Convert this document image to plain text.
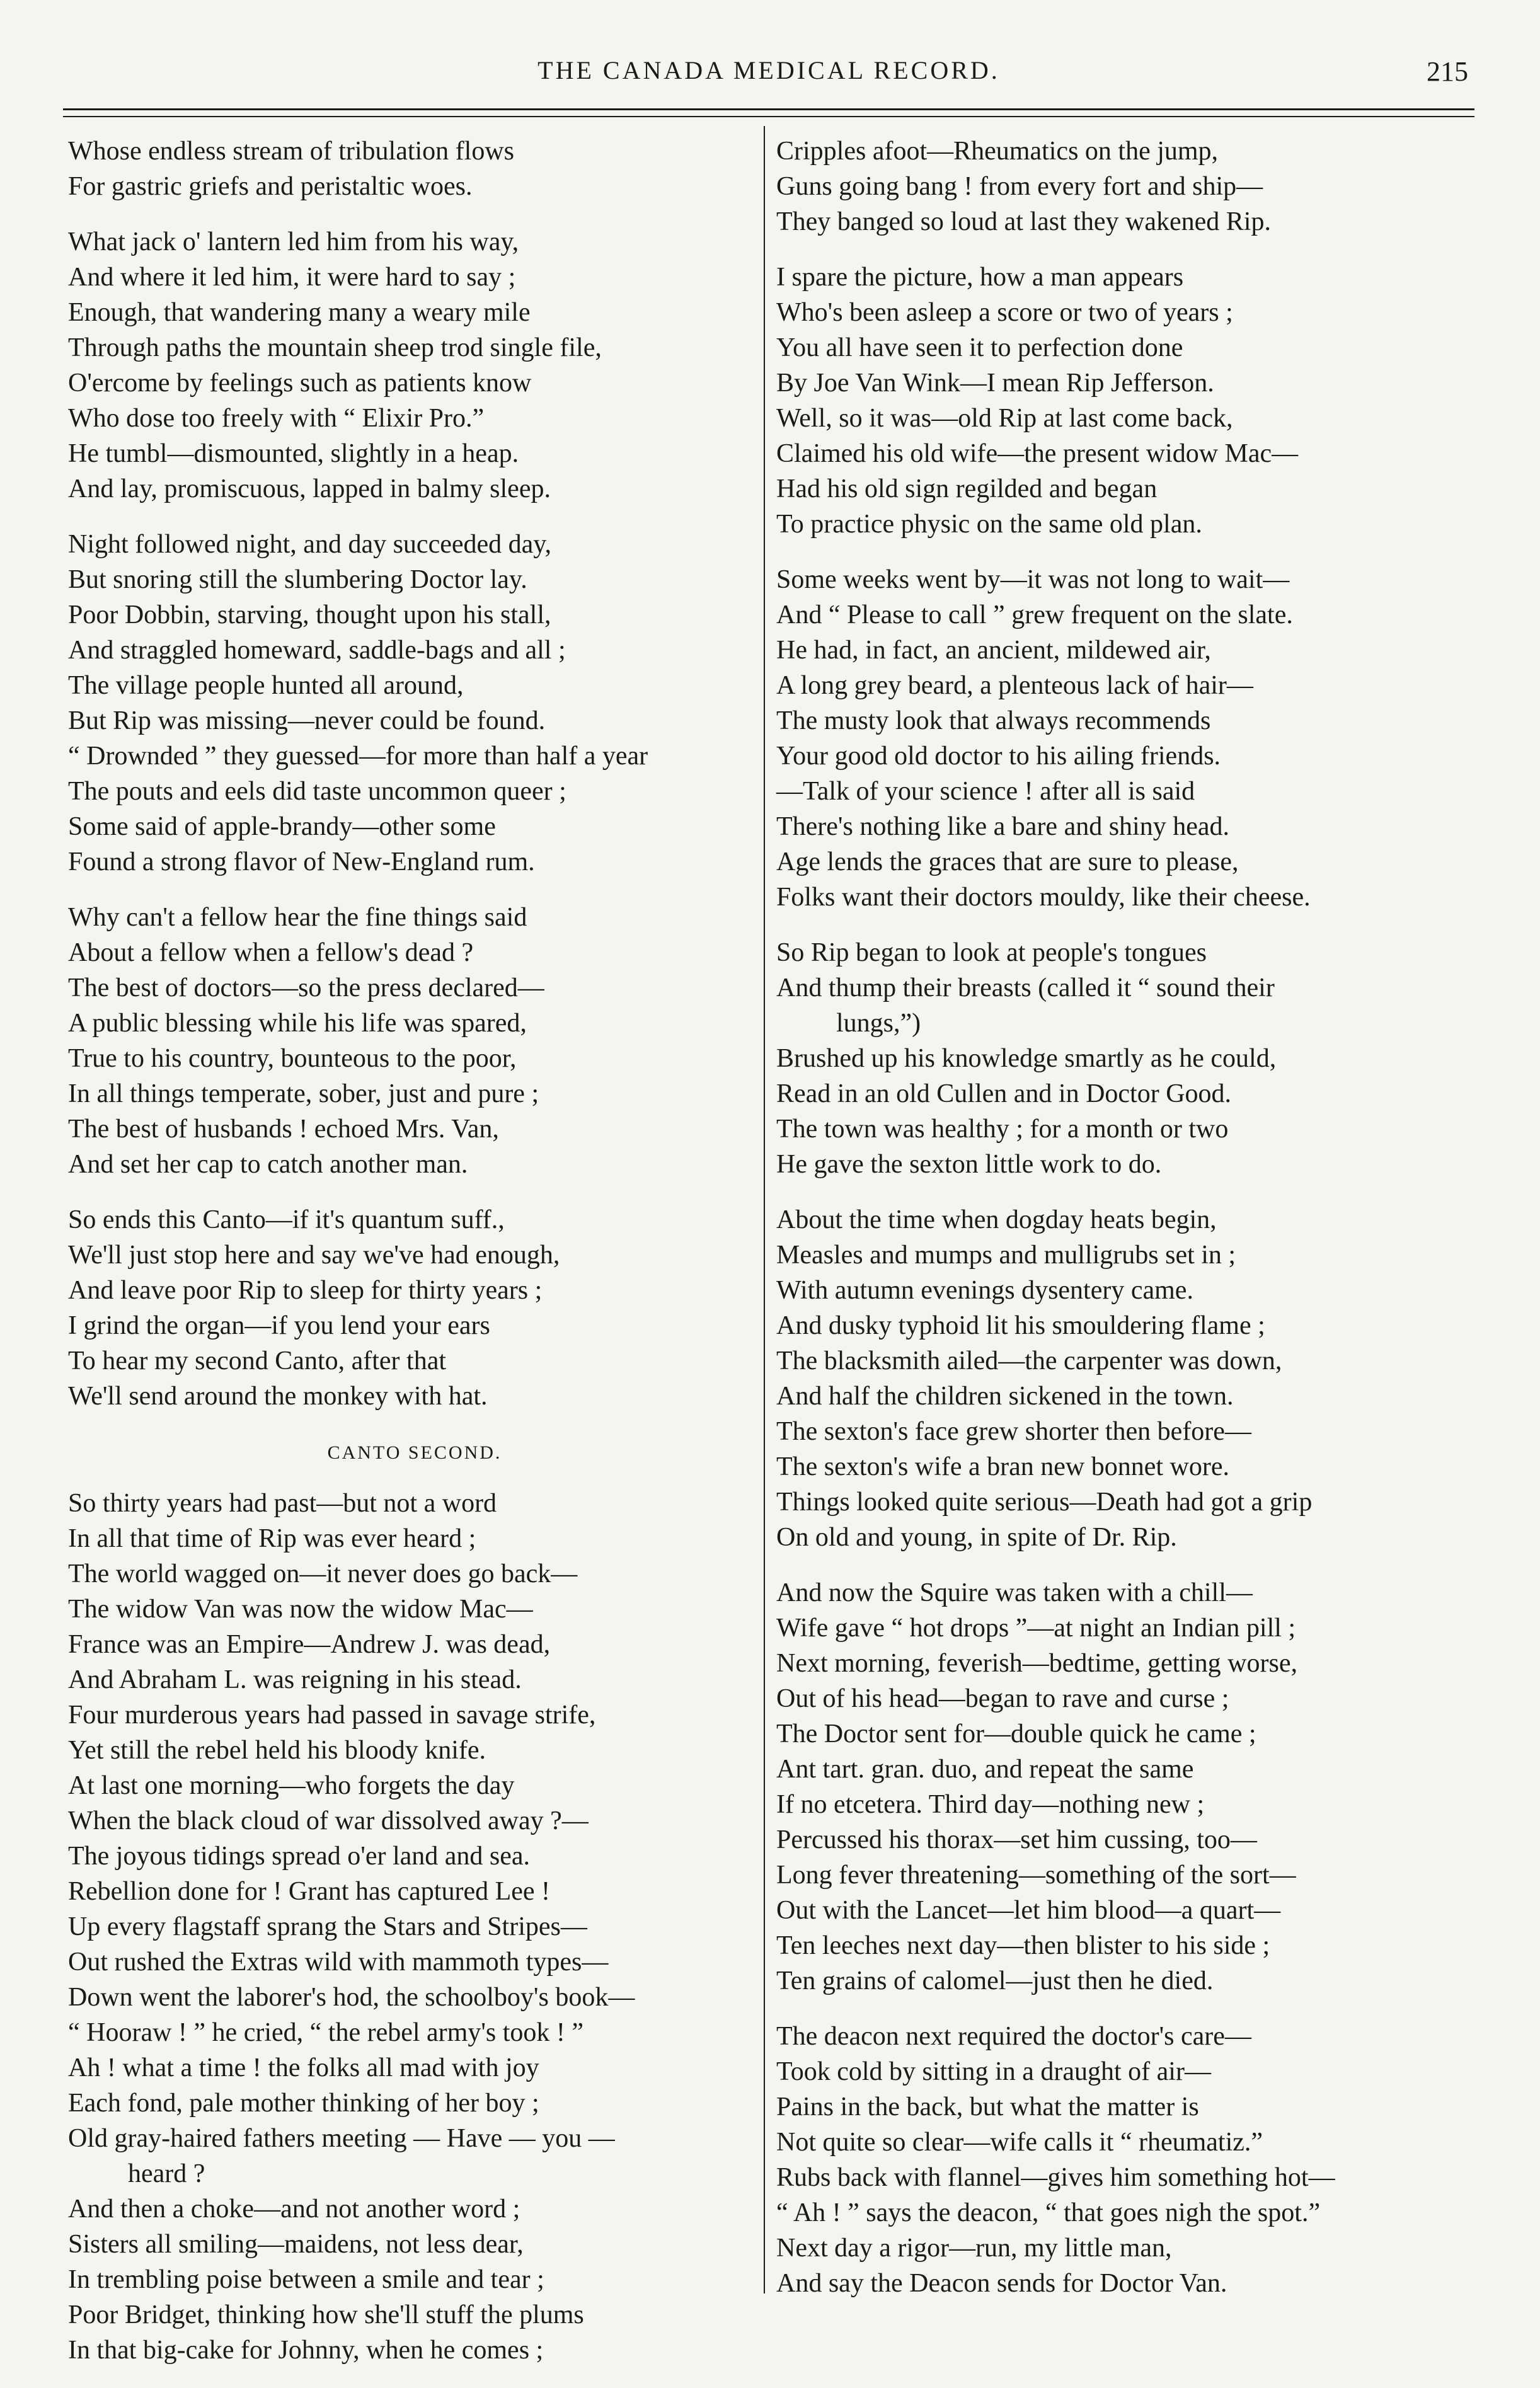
THE CANADA MEDICAL RECORD.	215
Whose endless stream of tribulation flows
For gastric griefs and peristaltic woes.
What jack o' lantern led him from his way,
And where it led him, it were hard to say ;
Enough, that wandering many a weary mile
Through paths the mountain sheep trod single file,
O'ercome by feelings such as patients know
Who dose too freely with “ Elixir Pro.”
He tumbl—dismounted, slightly in a heap.
And lay, promiscuous, lapped in balmy sleep.
Night followed night, and day succeeded day,
But snoring still the slumbering Doctor lay.
Poor Dobbin, starving, thought upon his stall,
And straggled homeward, saddle-bags and all ;
The village people hunted all around,
But Rip was missing—never could be found.
“ Drownded ” they guessed—for more than half a year
The pouts and eels did taste uncommon queer ;
Some said of apple-brandy—other some
Found a strong flavor of New-England rum.
Why can't a fellow hear the fine things said
About a fellow when a fellow's dead ?
The best of doctors—so the press declared—
A public blessing while his life was spared,
True to his country, bounteous to the poor,
In all things temperate, sober, just and pure ;
The best of husbands ! echoed Mrs. Van,
And set her cap to catch another man.
So ends this Canto—if it's quantum suff.,
We'll just stop here and say we've had enough,
And leave poor Rip to sleep for thirty years ;
I grind the organ—if you lend your ears
To hear my second Canto, after that
We'll send around the monkey with hat.
CANTO SECOND.
So thirty years had past—but not a word
In all that time of Rip was ever heard ;
The world wagged on—it never does go back—
The widow Van was now the widow Mac—
France was an Empire—Andrew J. was dead,
And Abraham L. was reigning in his stead.
Four murderous years had passed in savage strife,
Yet still the rebel held his bloody knife.
At last one morning—who forgets the day
When the black cloud of war dissolved away ?—
The joyous tidings spread o'er land and sea.
Rebellion done for ! Grant has captured Lee !
Up every flagstaff sprang the Stars and Stripes—
Out rushed the Extras wild with mammoth types—
Down went the laborer's hod, the schoolboy's book—
“ Hooraw ! ” he cried, “ the rebel army's took ! ”
Ah ! what a time ! the folks all mad with joy
Each fond, pale mother thinking of her boy ;
Old gray-haired fathers meeting — Have — you —
heard ?
And then a choke—and not another word ;
Sisters all smiling—maidens, not less dear,
In trembling poise between a smile and tear ;
Poor Bridget, thinking how she'll stuff the plums
In that big-cake for Johnny, when he comes ;
Cripples afoot—Rheumatics on the jump,
Guns going bang ! from every fort and ship—
They banged so loud at last they wakened Rip.
I spare the picture, how a man appears
Who's been asleep a score or two of years ;
You all have seen it to perfection done
By Joe Van Wink—I mean Rip Jefferson.
Well, so it was—old Rip at last come back,
Claimed his old wife—the present widow Mac—
Had his old sign regilded and began
To practice physic on the same old plan.
Some weeks went by—it was not long to wait—
And “ Please to call ” grew frequent on the slate.
He had, in fact, an ancient, mildewed air,
A long grey beard, a plenteous lack of hair—
The musty look that always recommends
Your good old doctor to his ailing friends.
—Talk of your science ! after all is said
There's nothing like a bare and shiny head.
Age lends the graces that are sure to please,
Folks want their doctors mouldy, like their cheese.
So Rip began to look at people's tongues
And thump their breasts (called it “ sound their
lungs,”)
Brushed up his knowledge smartly as he could,
Read in an old Cullen and in Doctor Good.
The town was healthy ; for a month or two
He gave the sexton little work to do.
About the time when dogday heats begin,
Measles and mumps and mulligrubs set in ;
With autumn evenings dysentery came.
And dusky typhoid lit his smouldering flame ;
The blacksmith ailed—the carpenter was down,
And half the children sickened in the town.
The sexton's face grew shorter then before—
The sexton's wife a bran new bonnet wore.
Things looked quite serious—Death had got a grip
On old and young, in spite of Dr. Rip.
And now the Squire was taken with a chill—
Wife gave “ hot drops ”—at night an Indian pill ;
Next morning, feverish—bedtime, getting worse,
Out of his head—began to rave and curse ;
The Doctor sent for—double quick he came ;
Ant tart. gran. duo, and repeat the same
If no etcetera. Third day—nothing new ;
Percussed his thorax—set him cussing, too—
Long fever threatening—something of the sort—
Out with the Lancet—let him blood—a quart—
Ten leeches next day—then blister to his side ;
Ten grains of calomel—just then he died.
The deacon next required the doctor's care—
Took cold by sitting in a draught of air—
Pains in the back, but what the matter is
Not quite so clear—wife calls it “ rheumatiz.”
Rubs back with flannel—gives him something hot—
“ Ah ! ” says the deacon, “ that goes nigh the spot.”
Next day a rigor—run, my little man,
And say the Deacon sends for Doctor Van.
